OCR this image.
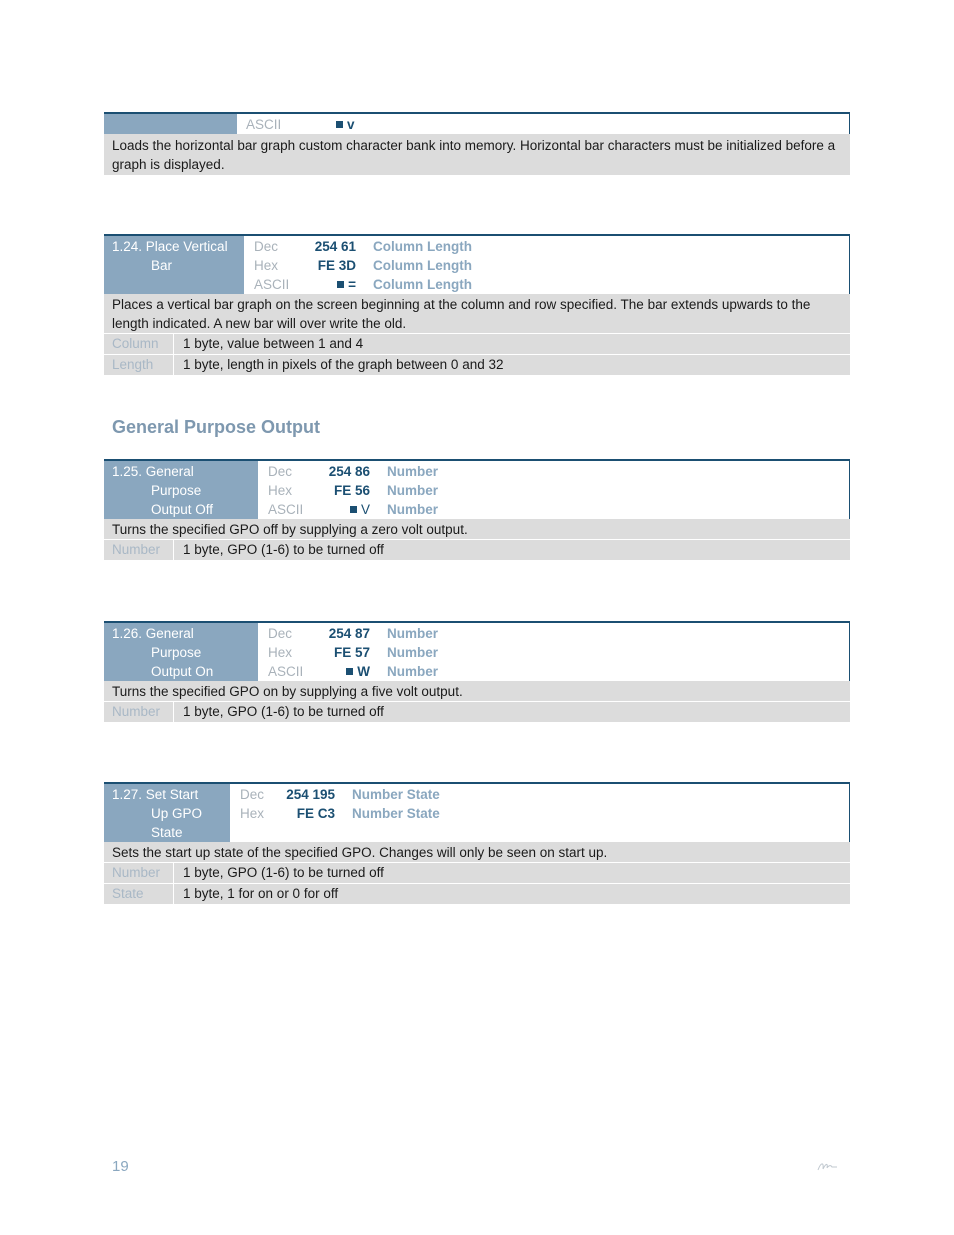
ASCII	v
Loads the horizontal bar graph custom character bank into memory. Horizontal bar characters must be initialized before a graph is displayed.
1.24. Place Vertical
Bar
Dec	254 61 Column Length
Hex	FE 3D Column Length
ASCII	= Column Length
Places a vertical bar graph on the screen beginning at the column and row specified. The bar extends upwards to the length indicated. A new bar will over write the old.
Column	1 byte, value between 1 and 4
Length	1 byte, length in pixels of the graph between 0 and 32
General Purpose Output
1.25. General
Purpose
Output Off
Dec	254 86 Number
Hex	FE 56 Number
ASCII	V Number
Turns the specified GPO off by supplying a zero volt output.
Number	1 byte, GPO (1-6) to be turned off
1.26. General
Purpose
Output On
Dec	254 87 Number
Hex	FE 57 Number
ASCII	W Number
Turns the specified GPO on by supplying a five volt output.
Number	1 byte, GPO (1-6) to be turned off
1.27. Set Start
Up GPO
State
Dec	254 195 Number State
Hex	FE C3 Number State
Sets the start up state of the specified GPO. Changes will only be seen on start up.
Number	1 byte, GPO (1-6) to be turned off
State	1 byte, 1 for on or 0 for off
19
